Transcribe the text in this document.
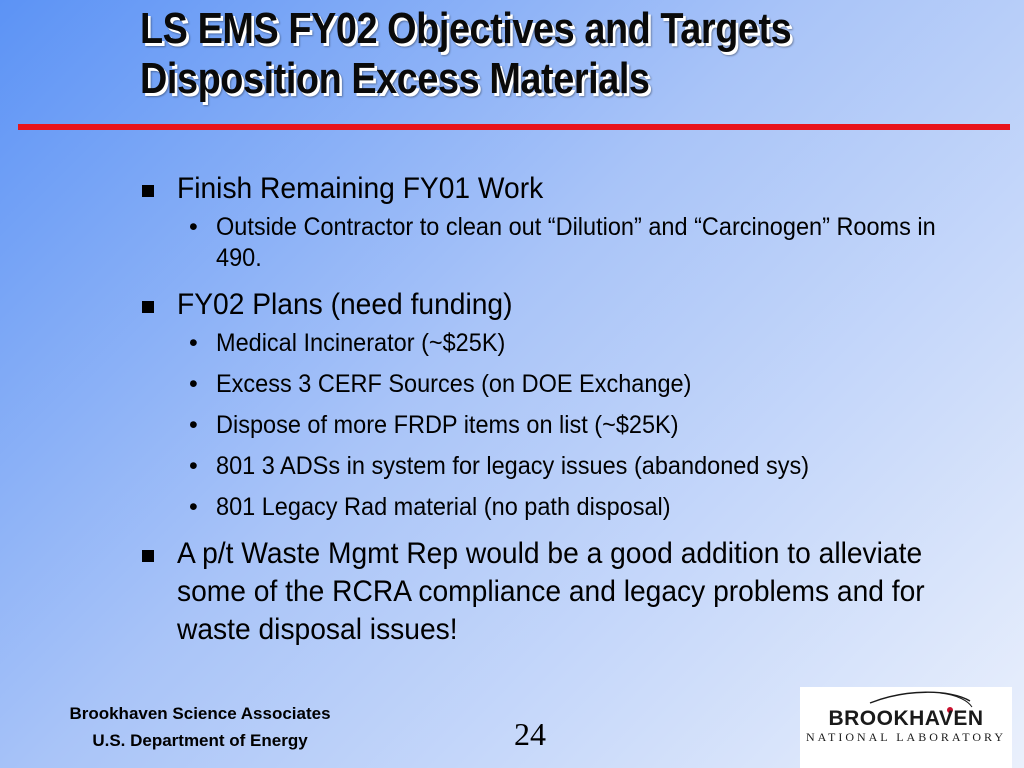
LS EMS FY02 Objectives and Targets
Disposition Excess Materials
Finish Remaining FY01 Work
• Outside Contractor to clean out “Dilution” and “Carcinogen” Rooms in 490.
FY02 Plans (need funding)
• Medical Incinerator (~$25K)
• Excess 3 CERF Sources (on DOE Exchange)
• Dispose of more FRDP items on list (~$25K)
• 801 3 ADSs in system for legacy issues (abandoned sys)
• 801 Legacy Rad material (no path disposal)
A p/t Waste Mgmt Rep would be a good addition to alleviate some of the RCRA compliance and legacy problems and for waste disposal issues!
Brookhaven Science Associates
U.S. Department of Energy	24	BROOKHAVEN
NATIONAL LABORATORY
